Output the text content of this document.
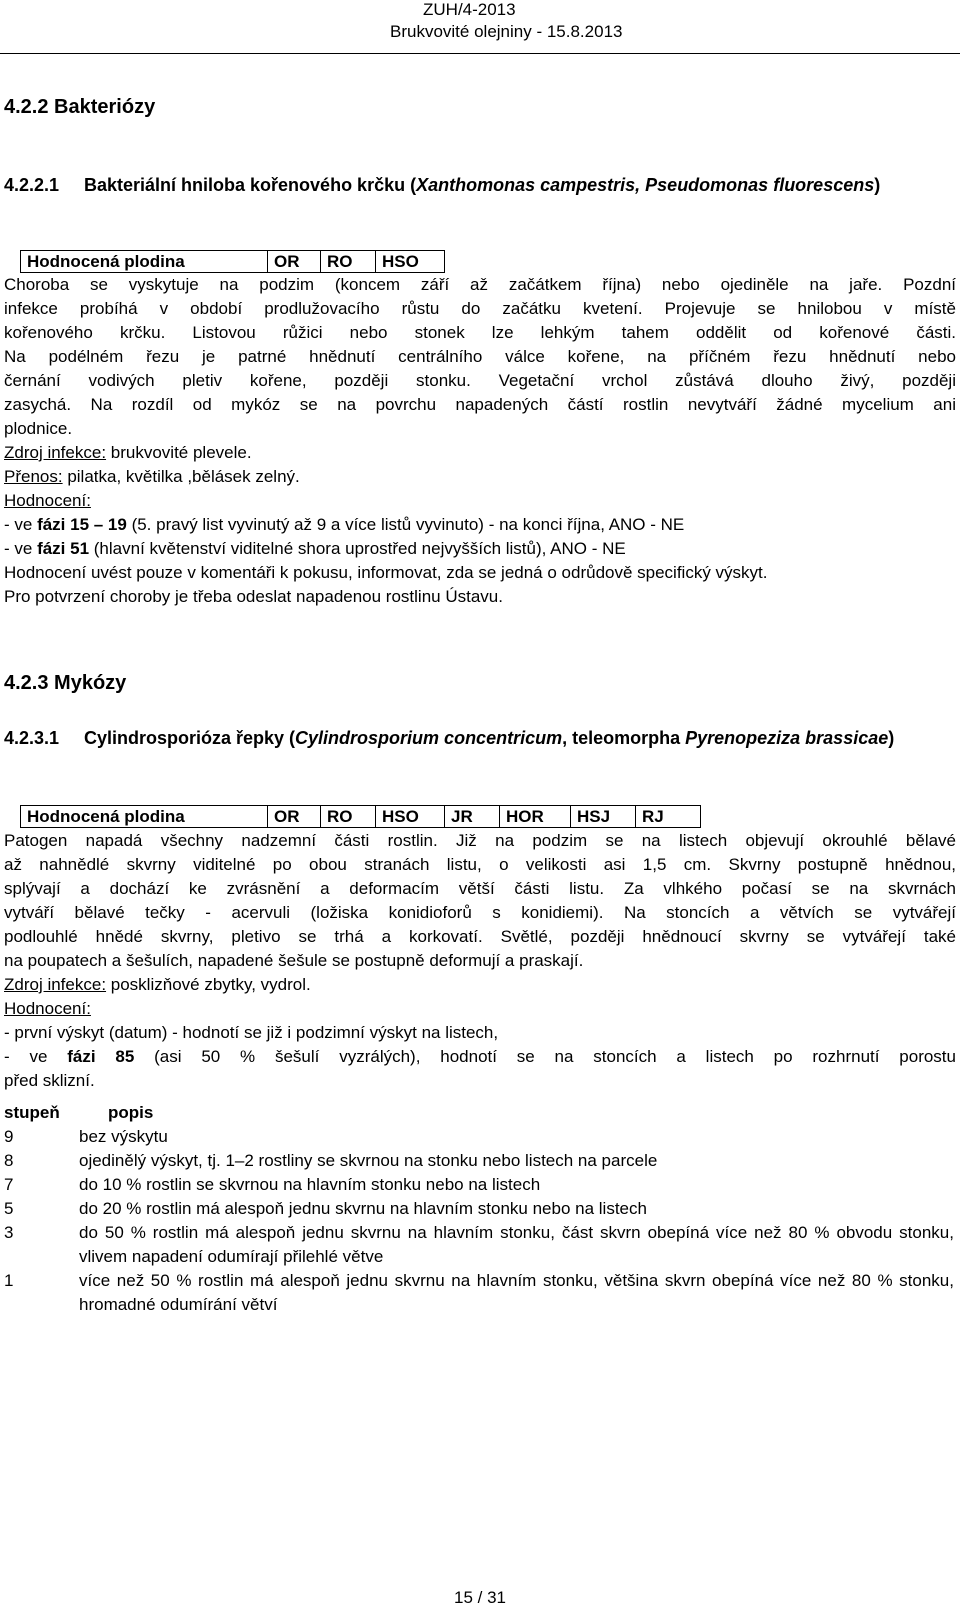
ZUH/4-2013
Brukvovité olejniny - 15.8.2013
4.2.2 Bakteriózy
4.2.2.1 Bakteriální hniloba kořenového krčku (Xanthomonas campestris, Pseudomonas fluorescens)
Hodnocená plodina	OR	RO	HSO
Choroba se vyskytuje na podzim (koncem září až začátkem října) nebo ojediněle na jaře. Pozdní
infekce probíhá v období prodlužovacího růstu do začátku kvetení. Projevuje se hnilobou v místě
kořenového krčku. Listovou růžici nebo stonek lze lehkým tahem oddělit od kořenové části.
Na podélném řezu je patrné hnědnutí centrálního válce kořene, na příčném řezu hnědnutí nebo
černání vodivých pletiv kořene, později stonku. Vegetační vrchol zůstává dlouho živý, později
zasychá. Na rozdíl od mykóz se na povrchu napadených částí rostlin nevytváří žádné mycelium ani
plodnice.
Zdroj infekce: brukvovité plevele.
Přenos: pilatka, květilka ,bělásek zelný.
Hodnocení:
- ve fázi 15 – 19 (5. pravý list vyvinutý až 9 a více listů vyvinuto) - na konci října, ANO - NE
- ve fázi 51 (hlavní květenství viditelné shora uprostřed nejvyšších listů), ANO - NE
Hodnocení uvést pouze v komentáři k pokusu, informovat, zda se jedná o odrůdově specifický výskyt.
Pro potvrzení choroby je třeba odeslat napadenou rostlinu Ústavu.
4.2.3 Mykózy
4.2.3.1 Cylindrosporióza řepky (Cylindrosporium concentricum, teleomorpha Pyrenopeziza brassicae)
Hodnocená plodina	OR	RO	HSO	JR	HOR	HSJ	RJ
Patogen napadá všechny nadzemní části rostlin. Již na podzim se na listech objevují okrouhlé bělavé
až nahnědlé skvrny viditelné po obou stranách listu, o velikosti asi 1,5 cm. Skvrny postupně hnědnou,
splývají a dochází ke zvrásnění a deformacím větší části listu. Za vlhkého počasí se na skvrnách
vytváří bělavé tečky - acervuli (ložiska konidioforů s konidiemi). Na stoncích a větvích se vytvářejí
podlouhlé hnědé skvrny, pletivo se trhá a korkovatí. Světlé, později hnědnoucí skvrny se vytvářejí také
na poupatech a šešulích, napadené šešule se postupně deformují a praskají.
Zdroj infekce: posklizňové zbytky, vydrol.
Hodnocení:
- první výskyt (datum) - hodnotí se již i podzimní výskyt na listech,
- ve fázi 85 (asi 50 % šešulí vyzrálých), hodnotí se na stoncích a listech po rozhrnutí porostu
před sklizní.
stupeň	popis
9	bez výskytu
8	ojedinělý výskyt, tj. 1–2 rostliny se skvrnou na stonku nebo listech na parcele
7	do 10 % rostlin se skvrnou na hlavním stonku nebo na listech
5	do 20 % rostlin má alespoň jednu skvrnu na hlavním stonku nebo na listech
3	do 50 % rostlin má alespoň jednu skvrnu na hlavním stonku, část skvrn obepíná více než 80 % obvodu stonku, vlivem napadení odumírají přilehlé větve
1	více než 50 % rostlin má alespoň jednu skvrnu na hlavním stonku, většina skvrn obepíná více než 80 % stonku, hromadné odumírání větví
15 / 31
